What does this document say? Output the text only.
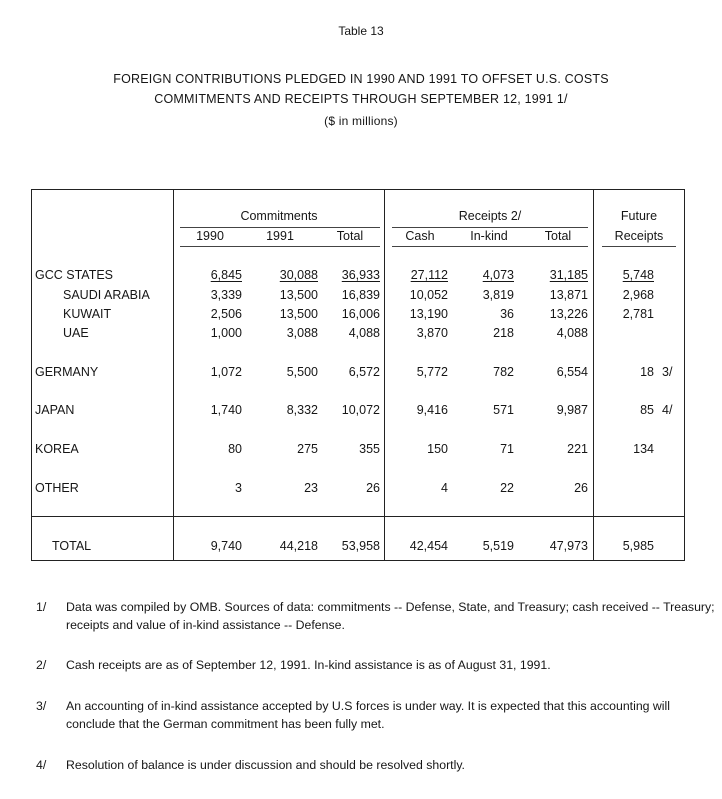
Table 13
FOREIGN CONTRIBUTIONS PLEDGED IN 1990 AND 1991 TO OFFSET U.S. COSTS
COMMITMENTS AND RECEIPTS THROUGH SEPTEMBER 12, 1991 1/
($ in millions)
Commitments	Receipts 2/	Future
Receipts
1990	1991	Total	Cash	In-kind	Total
GCC STATES	6,845	30,088	36,933	27,112	4,073	31,185	5,748
SAUDI ARABIA	3,339	13,500	16,839	10,052	3,819	13,871	2,968
KUWAIT	2,506	13,500	16,006	13,190	36	13,226	2,781
UAE	1,000	3,088	4,088	3,870	218	4,088
GERMANY	1,072	5,500	6,572	5,772	782	6,554	18 3/
JAPAN	1,740	8,332	10,072	9,416	571	9,987	85 4/
KOREA	80	275	355	150	71	221	134
OTHER	3	23	26	4	22	26
TOTAL	9,740	44,218	53,958	42,454	5,519	47,973	5,985
1/ Data was compiled by OMB. Sources of data: commitments -- Defense, State, and Treasury; cash received -- Treasury; receipts and value of in-kind assistance -- Defense.
2/ Cash receipts are as of September 12, 1991. In-kind assistance is as of August 31, 1991.
3/ An accounting of in-kind assistance accepted by U.S forces is under way. It is expected that this accounting will conclude that the German commitment has been fully met.
4/ Resolution of balance is under discussion and should be resolved shortly.
